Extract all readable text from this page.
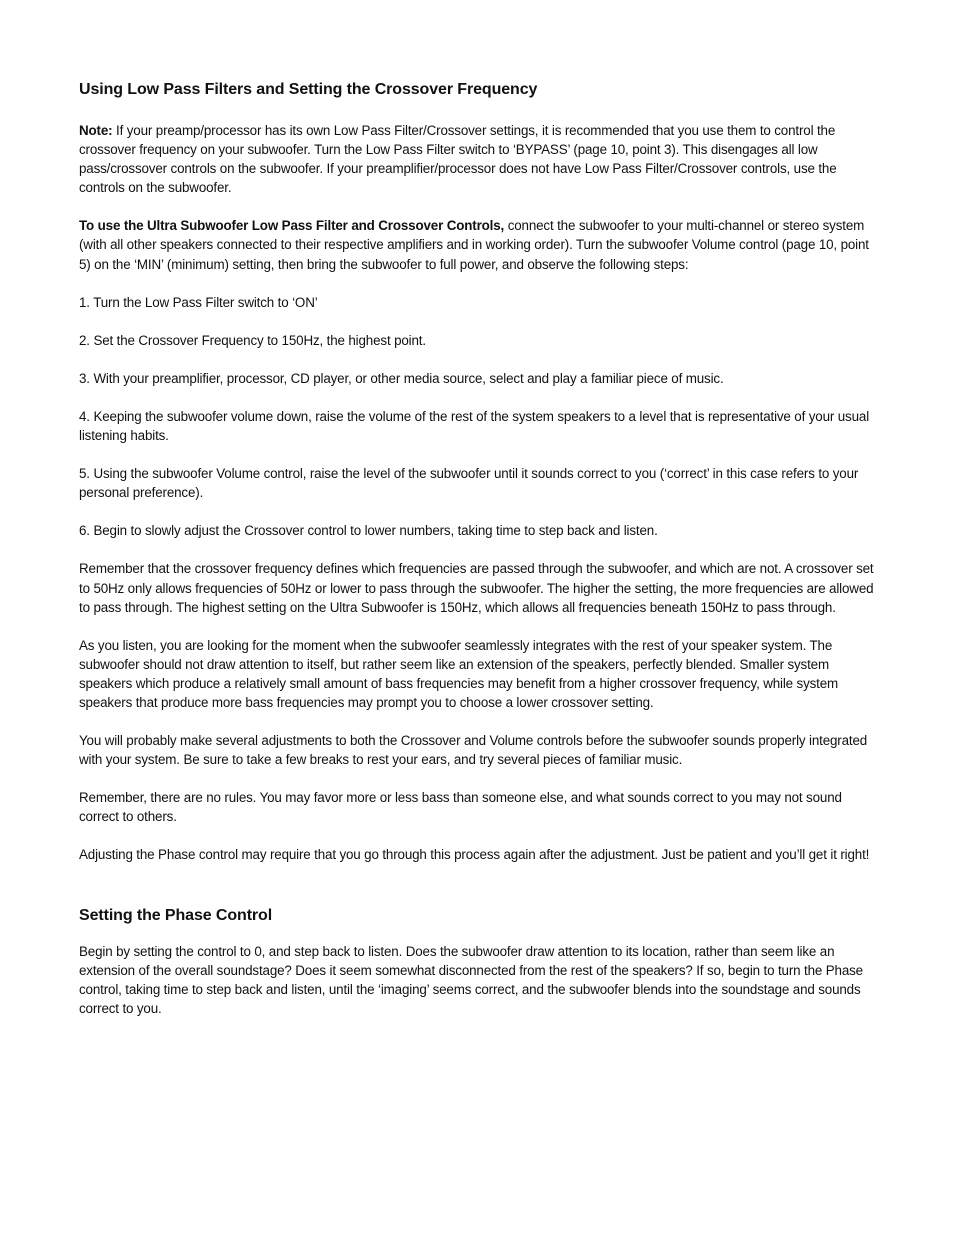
Using Low Pass Filters and Setting the Crossover Frequency

Note: If your preamp/processor has its own Low Pass Filter/Crossover settings, it is recommended that you use them to control the crossover frequency on your subwoofer. Turn the Low Pass Filter switch to ‘BYPASS’ (page 10, point 3). This disengages all low pass/crossover controls on the subwoofer. If your preamplifier/processor does not have Low Pass Filter/Crossover controls, use the controls on the subwoofer.

To use the Ultra Subwoofer Low Pass Filter and Crossover Controls, connect the subwoofer to your multi-channel or stereo system (with all other speakers connected to their respective amplifiers and in working order). Turn the subwoofer Volume control (page 10, point 5) on the ‘MIN’ (minimum) setting, then bring the subwoofer to full power, and observe the following steps:

1. Turn the Low Pass Filter switch to ‘ON’

2. Set the Crossover Frequency to 150Hz, the highest point.

3. With your preamplifier, processor, CD player, or other media source, select and play a familiar piece of music.

4. Keeping the subwoofer volume down, raise the volume of the rest of the system speakers to a level that is representative of your usual listening habits.

5. Using the subwoofer Volume control, raise the level of the subwoofer until it sounds correct to you (‘correct’ in this case refers to your personal preference).

6. Begin to slowly adjust the Crossover control to lower numbers, taking time to step back and listen.

Remember that the crossover frequency defines which frequencies are passed through the subwoofer, and which are not. A crossover set to 50Hz only allows frequencies of 50Hz or lower to pass through the subwoofer. The higher the setting, the more frequencies are allowed to pass through. The highest setting on the Ultra Subwoofer is 150Hz, which allows all frequencies beneath 150Hz to pass through.

As you listen, you are looking for the moment when the subwoofer seamlessly integrates with the rest of your speaker system. The subwoofer should not draw attention to itself, but rather seem like an extension of the speakers, perfectly blended. Smaller system speakers which produce a relatively small amount of bass frequencies may benefit from a higher crossover frequency, while system speakers that produce more bass frequencies may prompt you to choose a lower crossover setting.

You will probably make several adjustments to both the Crossover and Volume controls before the subwoofer sounds properly integrated with your system. Be sure to take a few breaks to rest your ears, and try several pieces of familiar music.

Remember, there are no rules. You may favor more or less bass than someone else, and what sounds correct to you may not sound correct to others.

Adjusting the Phase control may require that you go through this process again after the adjustment. Just be patient and you’ll get it right!

Setting the Phase Control

Begin by setting the control to 0, and step back to listen. Does the subwoofer draw attention to its location, rather than seem like an extension of the overall soundstage? Does it seem somewhat disconnected from the rest of the speakers? If so, begin to turn the Phase control, taking time to step back and listen, until the ‘imaging’ seems correct, and the subwoofer blends into the soundstage and sounds correct to you.
